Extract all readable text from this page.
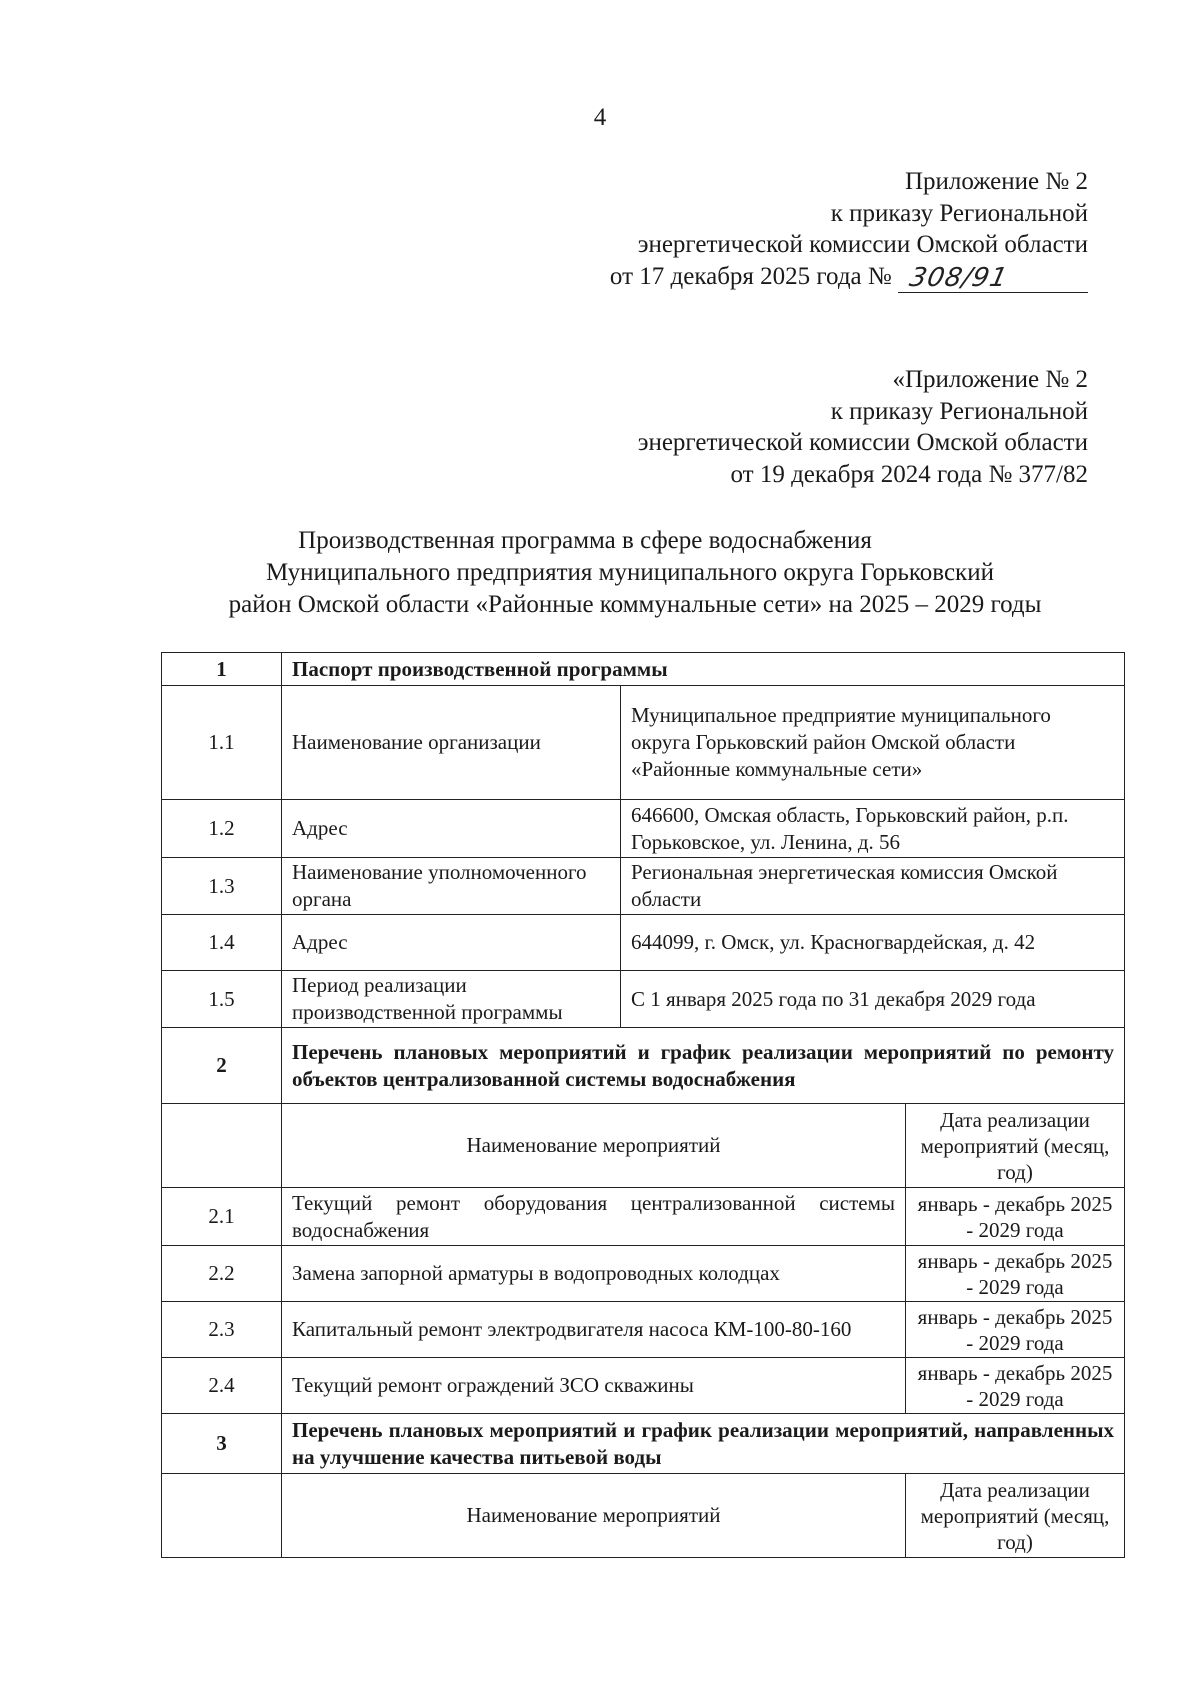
4
Приложение № 2
к приказу Региональной
энергетической комиссии Омской области
от 17 декабря 2025 года № 308/91
«Приложение № 2
к приказу Региональной
энергетической комиссии Омской области
от 19 декабря 2024 года № 377/82
Производственная программа в сфере водоснабжения
Муниципального предприятия муниципального округа Горьковский
район Омской области «Районные коммунальные сети» на 2025 – 2029 годы
1	Паспорт производственной программы		
1.1	Наименование организации	Муниципальное предприятие муниципального округа Горьковский район Омской области «Районные коммунальные сети»	
1.2	Адрес	646600, Омская область, Горьковский район, р.п. Горьковское, ул. Ленина, д. 56	
1.3	Наименование уполномоченного органа	Региональная энергетическая комиссия Омской области	
1.4	Адрес	644099, г. Омск, ул. Красногвардейская, д. 42	
1.5	Период реализации производственной программы	С 1 января 2025 года по 31 декабря 2029 года	
2	Перечень плановых мероприятий и график реализации мероприятий по ремонту объектов централизованной системы водоснабжения		
	Наименование мероприятий		Дата реализации мероприятий (месяц, год)
2.1	Текущий ремонт оборудования централизованной системы водоснабжения		январь - декабрь 2025 - 2029 года
2.2	Замена запорной арматуры в водопроводных колодцах		январь - декабрь 2025 - 2029 года
2.3	Капитальный ремонт электродвигателя насоса КМ-100-80-160		январь - декабрь 2025 - 2029 года
2.4	Текущий ремонт ограждений ЗСО скважины		январь - декабрь 2025 - 2029 года
3	Перечень плановых мероприятий и график реализации мероприятий, направленных на улучшение качества питьевой воды		
	Наименование мероприятий		Дата реализации мероприятий (месяц, год)
